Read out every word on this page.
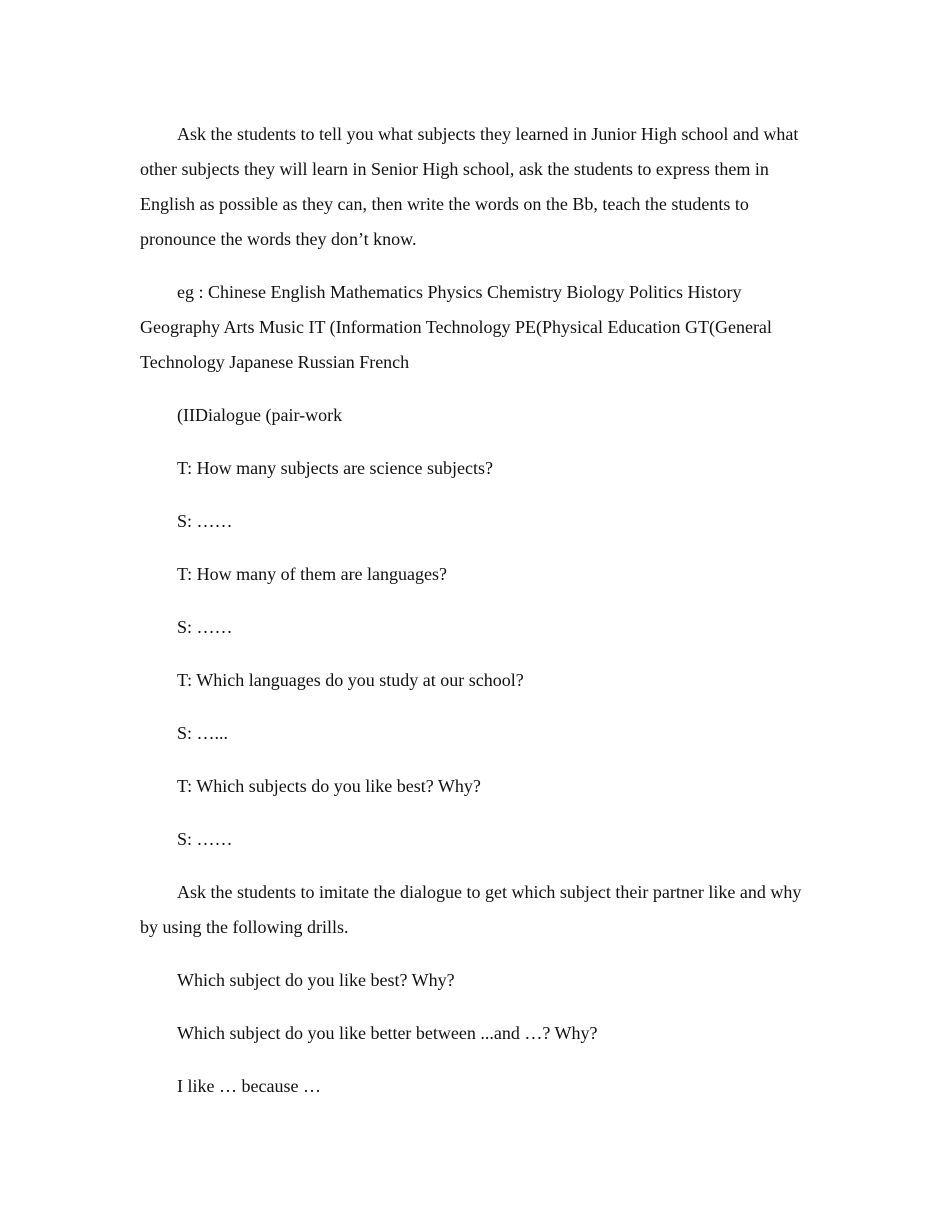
Ask the students to tell you what subjects they learned in Junior High school and what other subjects they will learn in Senior High school, ask the students to express them in English as possible as they can, then write the words on the Bb, teach the students to pronounce the words they don’t know.

eg : Chinese English Mathematics Physics Chemistry Biology Politics History Geography Arts Music IT (Information Technology PE(Physical Education GT(General Technology Japanese Russian French

(IIDialogue (pair-work

T: How many subjects are science subjects?

S: ……

T: How many of them are languages?

S: ……

T: Which languages do you study at our school?

S: …...

T: Which subjects do you like best? Why?

S: ……

Ask the students to imitate the dialogue to get which subject their partner like and why by using the following drills.

Which subject do you like best? Why?

Which subject do you like better between ...and …? Why?

I like … because …
